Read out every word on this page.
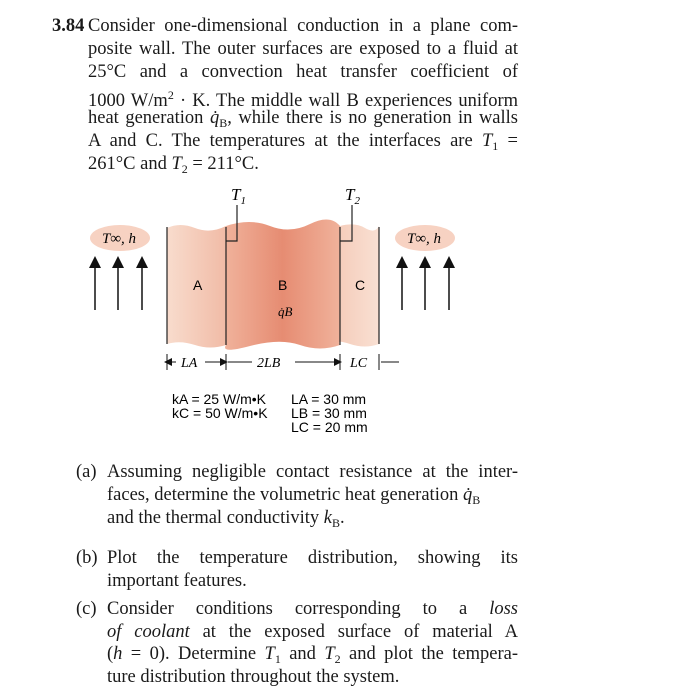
3.84 Consider one-dimensional conduction in a plane com-
posite wall. The outer surfaces are exposed to a fluid at
25°C and a convection heat transfer coefficient of
1000 $W/m^2 \cdot K$. The middle wall B experiences uniform
heat generation $q̇_B$, while there is no generation in walls
A and C. The temperatures at the interfaces are $T_1$ =
261°C and $T_2 = 211^\circ C$.
$T_1$	$T_2$
T∞, h	T∞, h
A	B	C
q̇B
LA	2LB	LC
kA = 25 W/m•K
kC = 50 W/m•K
LA = 30 mm
LB = 30 mm
LC = 20 mm
(a) Assuming negligible contact resistance at the inter-
faces, determine the volumetric heat generation $q̇_B$
and the thermal conductivity $k_B$.
(b) Plot the temperature distribution, showing its
important features.
(c) Consider conditions corresponding to a loss
of coolant at the exposed surface of material A
(h = 0). Determine $T_1$ and $T_2$ and plot the tempera-
ture distribution throughout the system.
